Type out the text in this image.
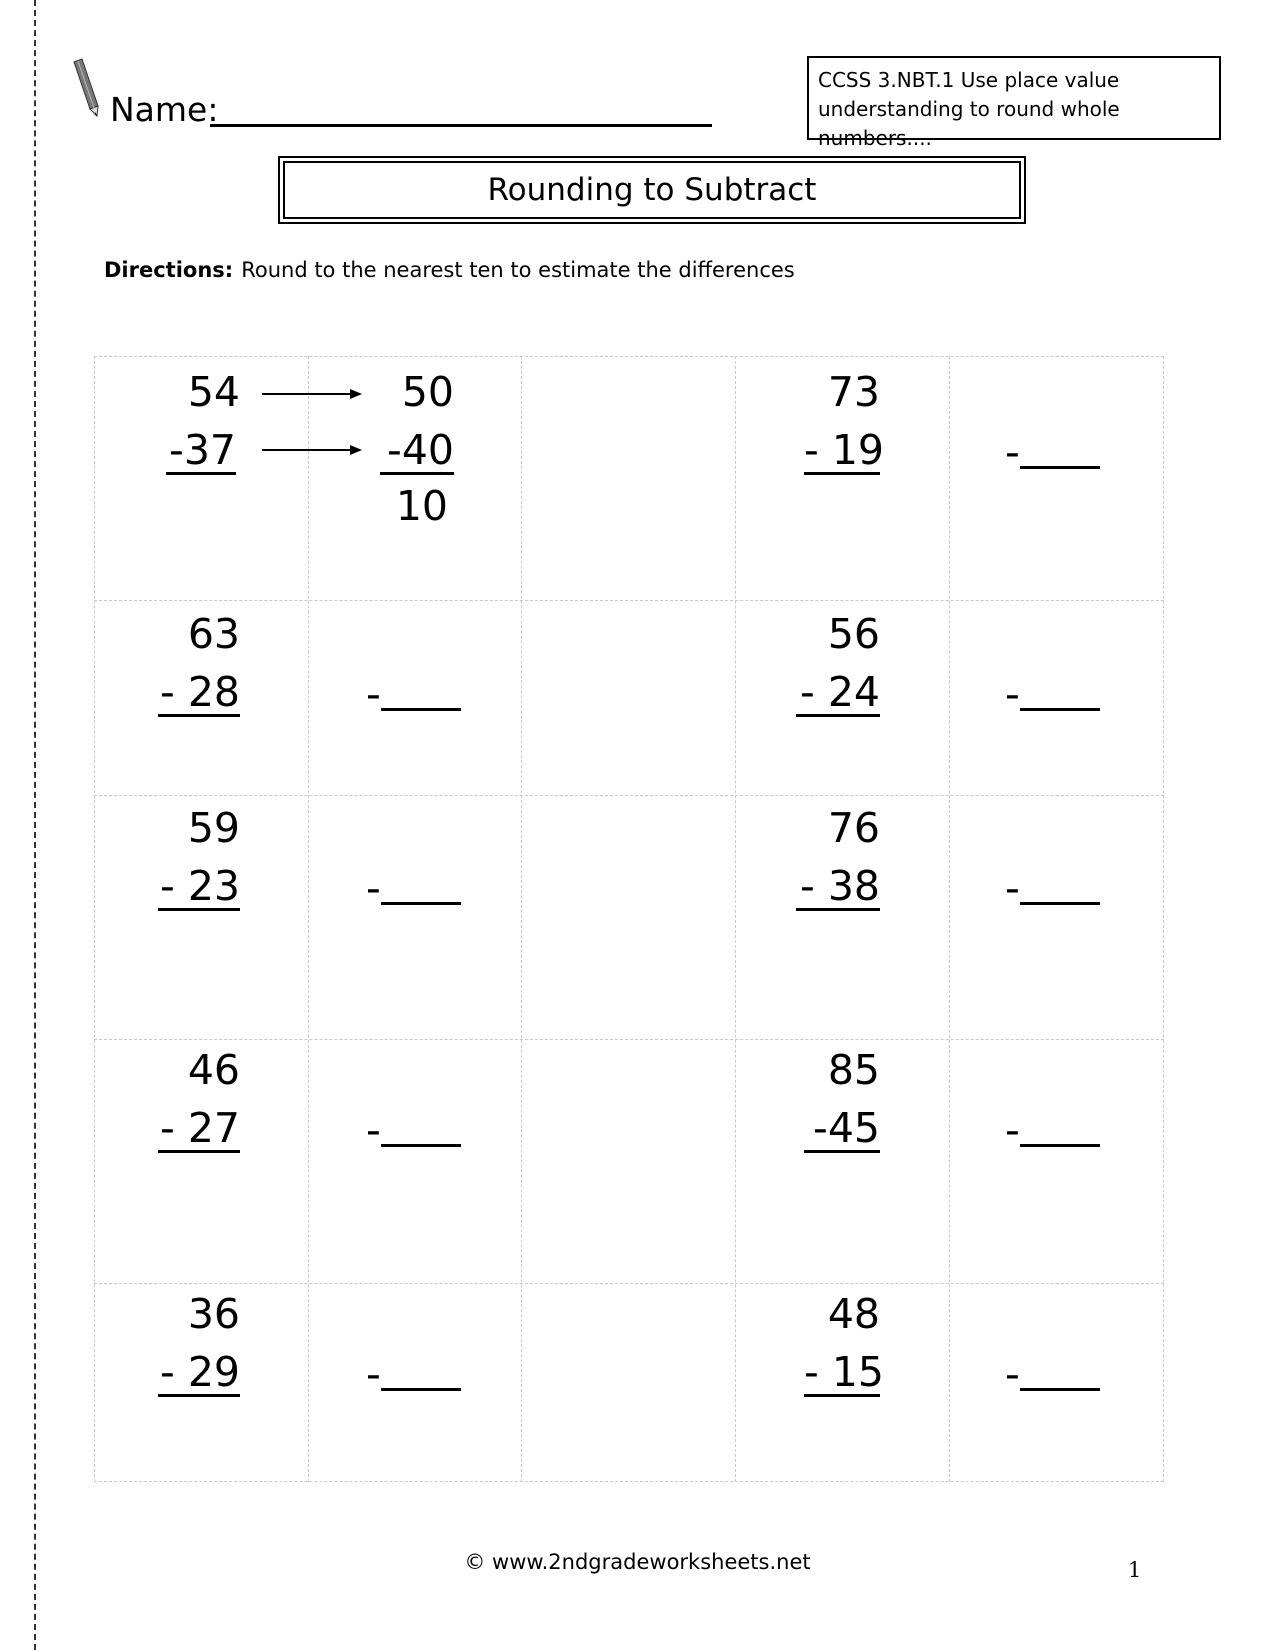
Name:
CCSS 3.NBT.1 Use place value
understanding to round whole numbers....
Rounding to Subtract
Directions: Round to the nearest ten to estimate the differences
54
-37
50
-40
10
73
- 19	-
63
- 28	-
56
- 24	-
59
- 23	-
76
- 38	-
46
- 27	-
85
-45	-
36
- 29	-
48
- 15	-
© www.2ndgradeworksheets.net	1
